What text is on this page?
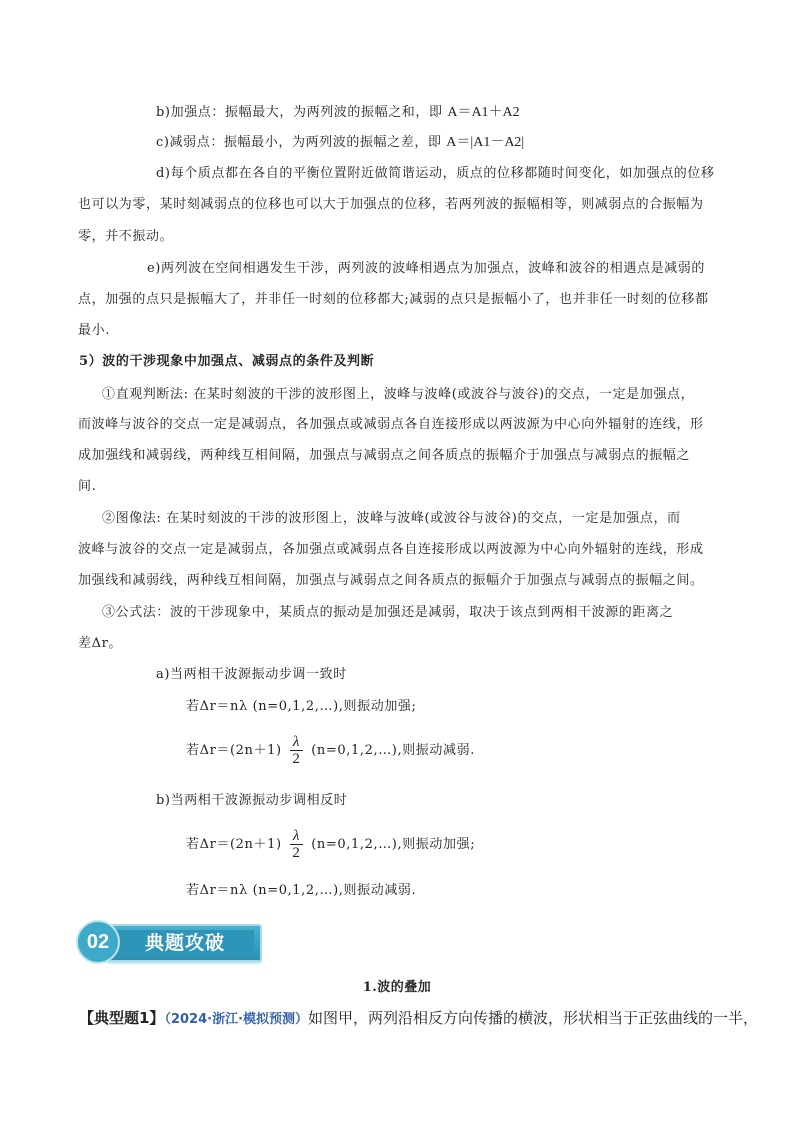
b)加强点：振幅最大，为两列波的振幅之和，即 A＝A1＋A2
c)减弱点：振幅最小，为两列波的振幅之差，即 A＝|A1－A2|
d)每个质点都在各自的平衡位置附近做简谐运动，质点的位移都随时间变化，如加强点的位移
也可以为零，某时刻减弱点的位移也可以大于加强点的位移，若两列波的振幅相等，则减弱点的合振幅为
零，并不振动。
e)两列波在空间相遇发生干涉，两列波的波峰相遇点为加强点，波峰和波谷的相遇点是减弱的
点，加强的点只是振幅大了，并非任一时刻的位移都大;减弱的点只是振幅小了，也并非任一时刻的位移都
最小.
5）波的干涉现象中加强点、减弱点的条件及判断
①直观判断法: 在某时刻波的干涉的波形图上，波峰与波峰(或波谷与波谷)的交点，一定是加强点，
而波峰与波谷的交点一定是减弱点，各加强点或减弱点各自连接形成以两波源为中心向外辐射的连线，形
成加强线和减弱线，两种线互相间隔，加强点与减弱点之间各质点的振幅介于加强点与减弱点的振幅之
间.
②图像法: 在某时刻波的干涉的波形图上，波峰与波峰(或波谷与波谷)的交点，一定是加强点，而
波峰与波谷的交点一定是减弱点，各加强点或减弱点各自连接形成以两波源为中心向外辐射的连线，形成
加强线和减弱线，两种线互相间隔，加强点与减弱点之间各质点的振幅介于加强点与减弱点的振幅之间。
③公式法：波的干涉现象中，某质点的振动是加强还是减弱，取决于该点到两相干波源的距离之
差Δr。
a)当两相干波源振动步调一致时
若Δr＝nλ (n=0,1,2,…),则振动加强;
若$\Delta r=(2n+1) \frac{\lambda}{2}$ (n=0,1,2,…),则振动减弱.
b)当两相干波源振动步调相反时
若$\Delta r=(2n+1) \frac{\lambda}{2}$ (n=0,1,2,…),则振动加强;
若Δr＝nλ (n=0,1,2,…),则振动减弱.
02	典题攻破
1.波的叠加
【典型题1】（2024·浙江·模拟预测）如图甲，两列沿相反方向传播的横波，形状相当于正弦曲线的一半，
